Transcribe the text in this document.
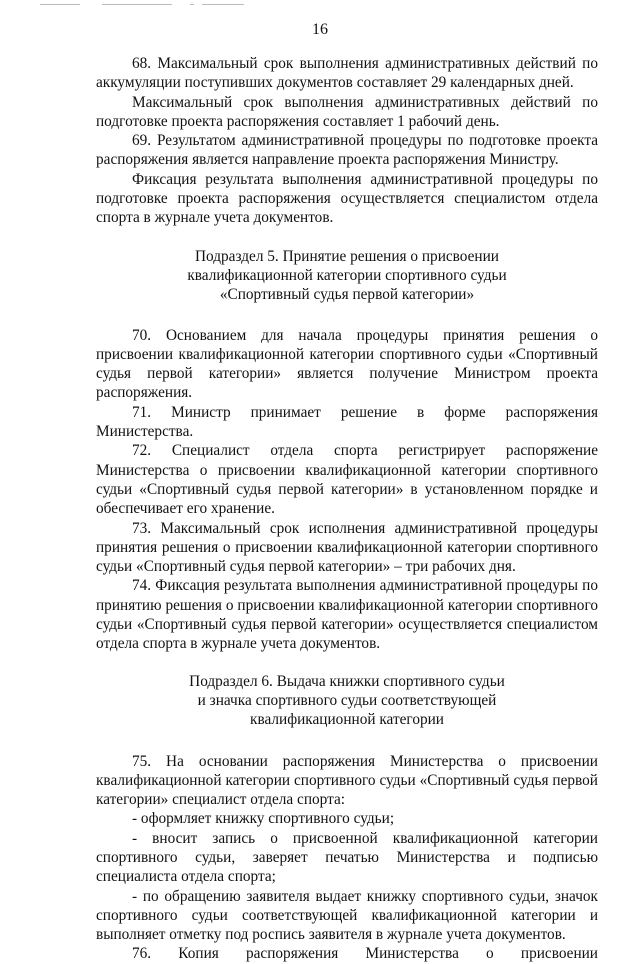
16

68. Максимальный срок выполнения административных действий по аккумуляции поступивших документов составляет 29 календарных дней.

Максимальный срок выполнения административных действий по подготовке проекта распоряжения составляет 1 рабочий день.

69. Результатом административной процедуры по подготовке проекта распоряжения является направление проекта распоряжения Министру.

Фиксация результата выполнения административной процедуры по подготовке проекта распоряжения осуществляется специалистом отдела спорта в журнале учета документов.

Подраздел 5. Принятие решения о присвоении
квалификационной категории спортивного судьи
«Спортивный судья первой категории»

70. Основанием для начала процедуры принятия решения о присвоении квалификационной категории спортивного судьи «Спортивный судья первой категории» является получение Министром проекта распоряжения.

71. Министр принимает решение в форме распоряжения Министерства.

72. Специалист отдела спорта регистрирует распоряжение Министерства о присвоении квалификационной категории спортивного судьи «Спортивный судья первой категории» в установленном порядке и обеспечивает его хранение.

73. Максимальный срок исполнения административной процедуры принятия решения о присвоении квалификационной категории спортивного судьи «Спортивный судья первой категории» – три рабочих дня.

74. Фиксация результата выполнения административной процедуры по принятию решения о присвоении квалификационной категории спортивного судьи «Спортивный судья первой категории» осуществляется специалистом отдела спорта в журнале учета документов.

Подраздел 6. Выдача книжки спортивного судьи
и значка спортивного судьи соответствующей
квалификационной категории

75. На основании распоряжения Министерства о присвоении квалификационной категории спортивного судьи «Спортивный судья первой категории» специалист отдела спорта:

- оформляет книжку спортивного судьи;

- вносит запись о присвоенной квалификационной категории спортивного судьи, заверяет печатью Министерства и подписью специалиста отдела спорта;

- по обращению заявителя выдает книжку спортивного судьи, значок спортивного судьи соответствующей квалификационной категории и выполняет отметку под роспись заявителя в журнале учета документов.

76. Копия распоряжения Министерства о присвоении
